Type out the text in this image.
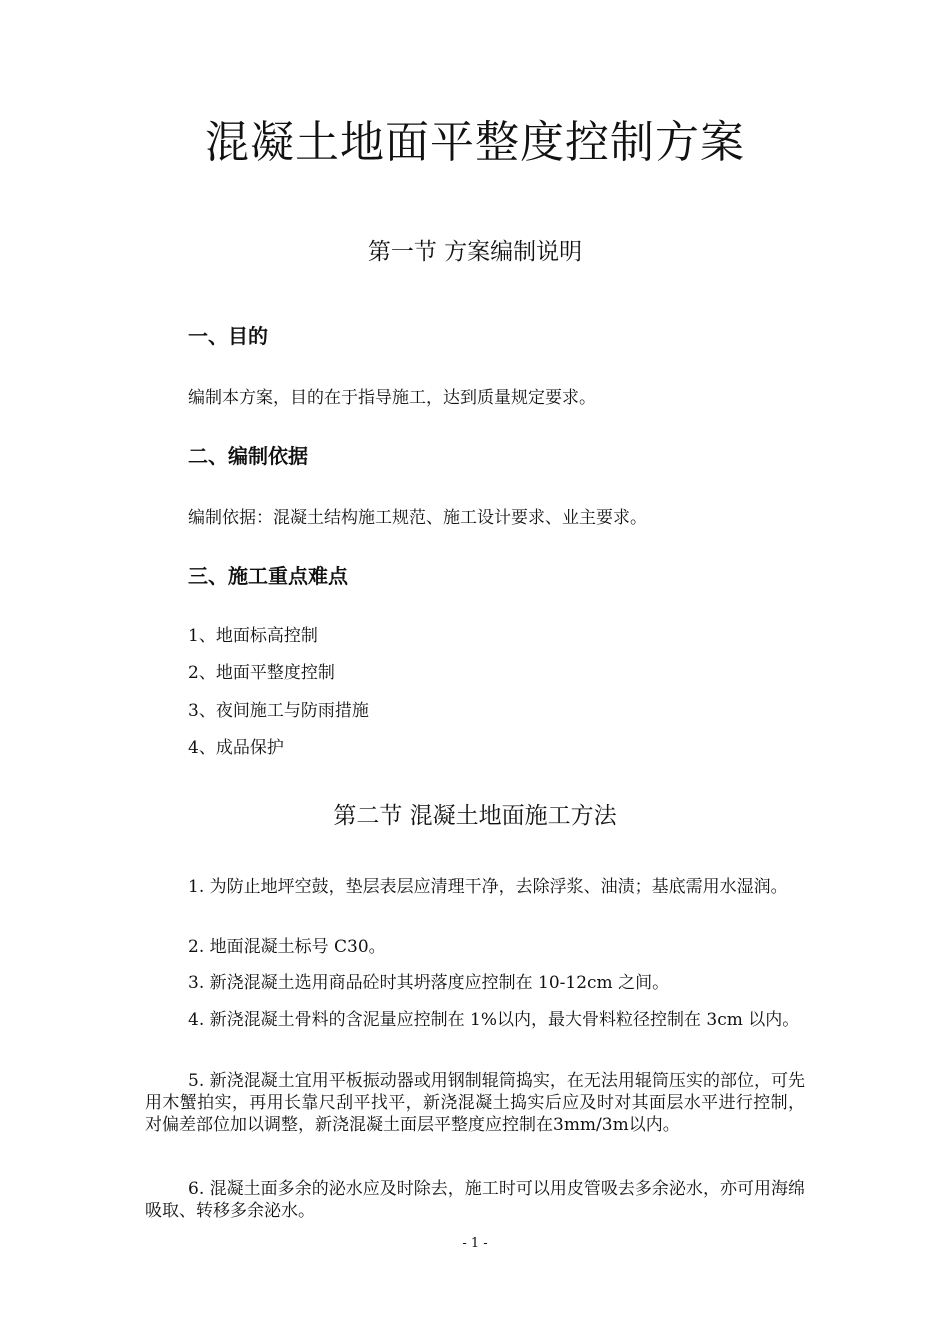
混凝土地面平整度控制方案
第一节 方案编制说明
一、目的
编制本方案，目的在于指导施工，达到质量规定要求。
二、编制依据
编制依据：混凝土结构施工规范、施工设计要求、业主要求。
三、施工重点难点
1、地面标高控制
2、地面平整度控制
3、夜间施工与防雨措施
4、成品保护
第二节 混凝土地面施工方法
1. 为防止地坪空鼓，垫层表层应清理干净，去除浮浆、油渍；基底需用水湿润。
2. 地面混凝土标号 C30。
3. 新浇混凝土选用商品砼时其坍落度应控制在 10-12cm 之间。
4. 新浇混凝土骨料的含泥量应控制在 1%以内，最大骨料粒径控制在 3cm 以内。
5. 新浇混凝土宜用平板振动器或用钢制辊筒捣实，在无法用辊筒压实的部位，可先用木蟹拍实，再用长靠尺刮平找平，新浇混凝土捣实后应及时对其面层水平进行控制，对偏差部位加以调整，新浇混凝土面层平整度应控制在3mm/3m以内。
6. 混凝土面多余的泌水应及时除去，施工时可以用皮管吸去多余泌水，亦可用海绵吸取、转移多余泌水。
- 1 -
